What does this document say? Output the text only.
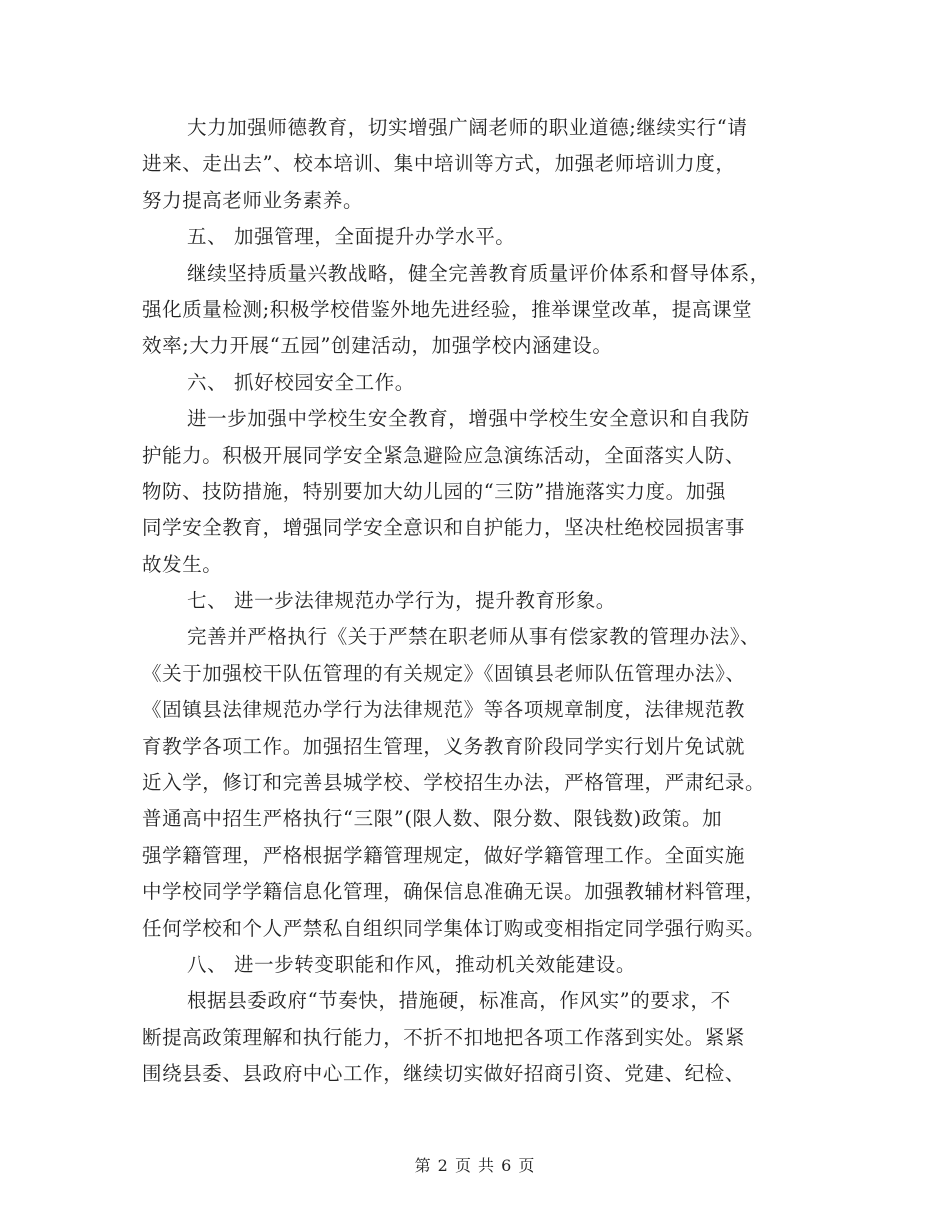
大力加强师德教育，切实增强广阔老师的职业道德;继续实行“请
进来、走出去”、校本培训、集中培训等方式，加强老师培训力度，
努力提高老师业务素养。
五、 加强管理，全面提升办学水平。
继续坚持质量兴教战略，健全完善教育质量评价体系和督导体系，
强化质量检测;积极学校借鉴外地先进经验，推举课堂改革，提高课堂
效率;大力开展“五园”创建活动，加强学校内涵建设。
六、 抓好校园安全工作。
进一步加强中学校生安全教育，增强中学校生安全意识和自我防
护能力。积极开展同学安全紧急避险应急演练活动，全面落实人防、
物防、技防措施，特别要加大幼儿园的“三防”措施落实力度。加强
同学安全教育，增强同学安全意识和自护能力，坚决杜绝校园损害事
故发生。
七、 进一步法律规范办学行为，提升教育形象。
完善并严格执行《关于严禁在职老师从事有偿家教的管理办法》、
《关于加强校干队伍管理的有关规定》《固镇县老师队伍管理办法》、
《固镇县法律规范办学行为法律规范》等各项规章制度，法律规范教
育教学各项工作。加强招生管理，义务教育阶段同学实行划片免试就
近入学，修订和完善县城学校、学校招生办法，严格管理，严肃纪录。
普通高中招生严格执行“三限”(限人数、限分数、限钱数)政策。加
强学籍管理，严格根据学籍管理规定，做好学籍管理工作。全面实施
中学校同学学籍信息化管理，确保信息准确无误。加强教辅材料管理，
任何学校和个人严禁私自组织同学集体订购或变相指定同学强行购买。
八、 进一步转变职能和作风，推动机关效能建设。
根据县委政府“节奏快，措施硬，标准高，作风实”的要求，不
断提高政策理解和执行能力，不折不扣地把各项工作落到实处。紧紧
围绕县委、县政府中心工作，继续切实做好招商引资、党建、纪检、
第 2 页 共 6 页
